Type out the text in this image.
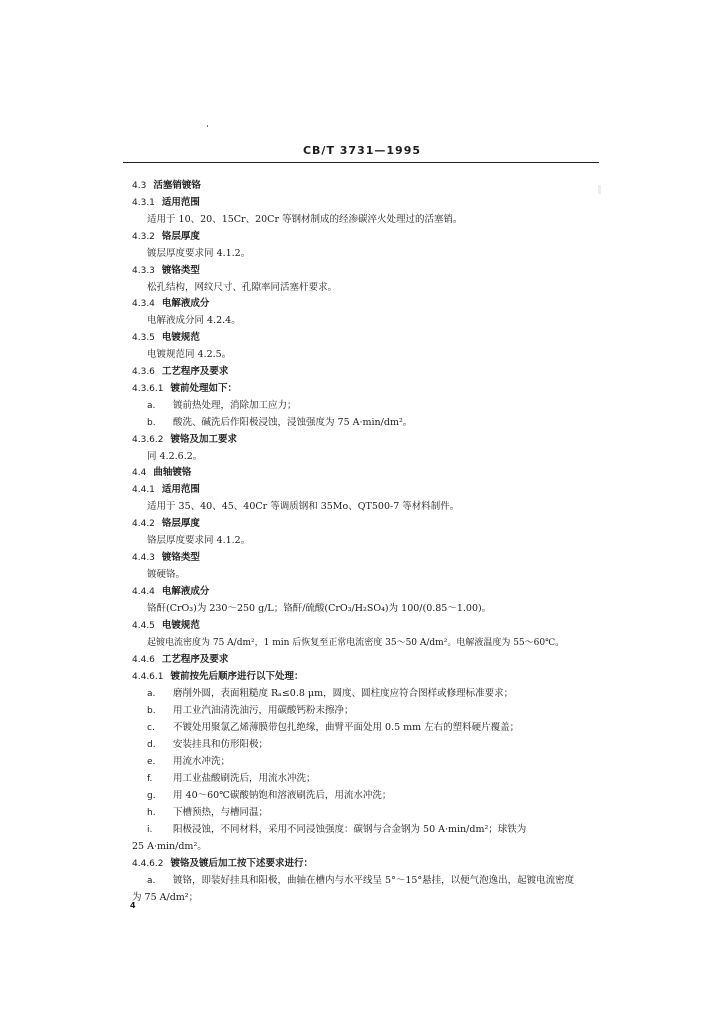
CB/T 3731—1995
4.3 活塞销镀铬
4.3.1 适用范围
适用于 10、20、15Cr、20Cr 等钢材制成的经渗碳淬火处理过的活塞销。
4.3.2 铬层厚度
镀层厚度要求同 4.1.2。
4.3.3 镀铬类型
松孔结构，网纹尺寸、孔隙率同活塞杆要求。
4.3.4 电解液成分
电解液成分同 4.2.4。
4.3.5 电镀规范
电镀规范同 4.2.5。
4.3.6 工艺程序及要求
4.3.6.1 镀前处理如下：
a. 镀前热处理，消除加工应力；
b. 酸洗、碱洗后作阳极浸蚀，浸蚀强度为 75 A·min/dm²。
4.3.6.2 镀铬及加工要求
同 4.2.6.2。
4.4 曲轴镀铬
4.4.1 适用范围
适用于 35、40、45、40Cr 等调质钢和 35Mo、QT500-7 等材料制件。
4.4.2 铬层厚度
铬层厚度要求同 4.1.2。
4.4.3 镀铬类型
镀硬铬。
4.4.4 电解液成分
铬酐(CrO₃)为 230～250 g/L；铬酐/硫酸(CrO₃/H₂SO₄)为 100/(0.85～1.00)。
4.4.5 电镀规范
起镀电流密度为 75 A/dm²，1 min 后恢复至正常电流密度 35～50 A/dm²。电解液温度为 55～60℃。
4.4.6 工艺程序及要求
4.4.6.1 镀前按先后顺序进行以下处理：
a. 磨削外圆，表面粗糙度 Rₐ≤0.8 μm，圆度、圆柱度应符合图样或修理标准要求；
b. 用工业汽油清洗油污，用碳酸钙粉末擦净；
c. 不镀处用聚氯乙烯薄膜带包扎绝缘，曲臂平面处用 0.5 mm 左右的塑料硬片覆盖；
d. 安装挂具和仿形阳极；
e. 用流水冲洗；
f. 用工业盐酸刷洗后，用流水冲洗；
g. 用 40～60℃碳酸钠饱和溶液刷洗后，用流水冲洗；
h. 下槽预热，与槽同温；
i. 阳极浸蚀，不同材料，采用不同浸蚀强度：碳钢与合金钢为 50 A·min/dm²；球铁为
25 A·min/dm²。
4.4.6.2 镀铬及镀后加工按下述要求进行：
a. 镀铬，即装好挂具和阳极，曲轴在槽内与水平线呈 5°～15°悬挂，以便气泡逸出，起镀电流密度
为 75 A/dm²；
4
